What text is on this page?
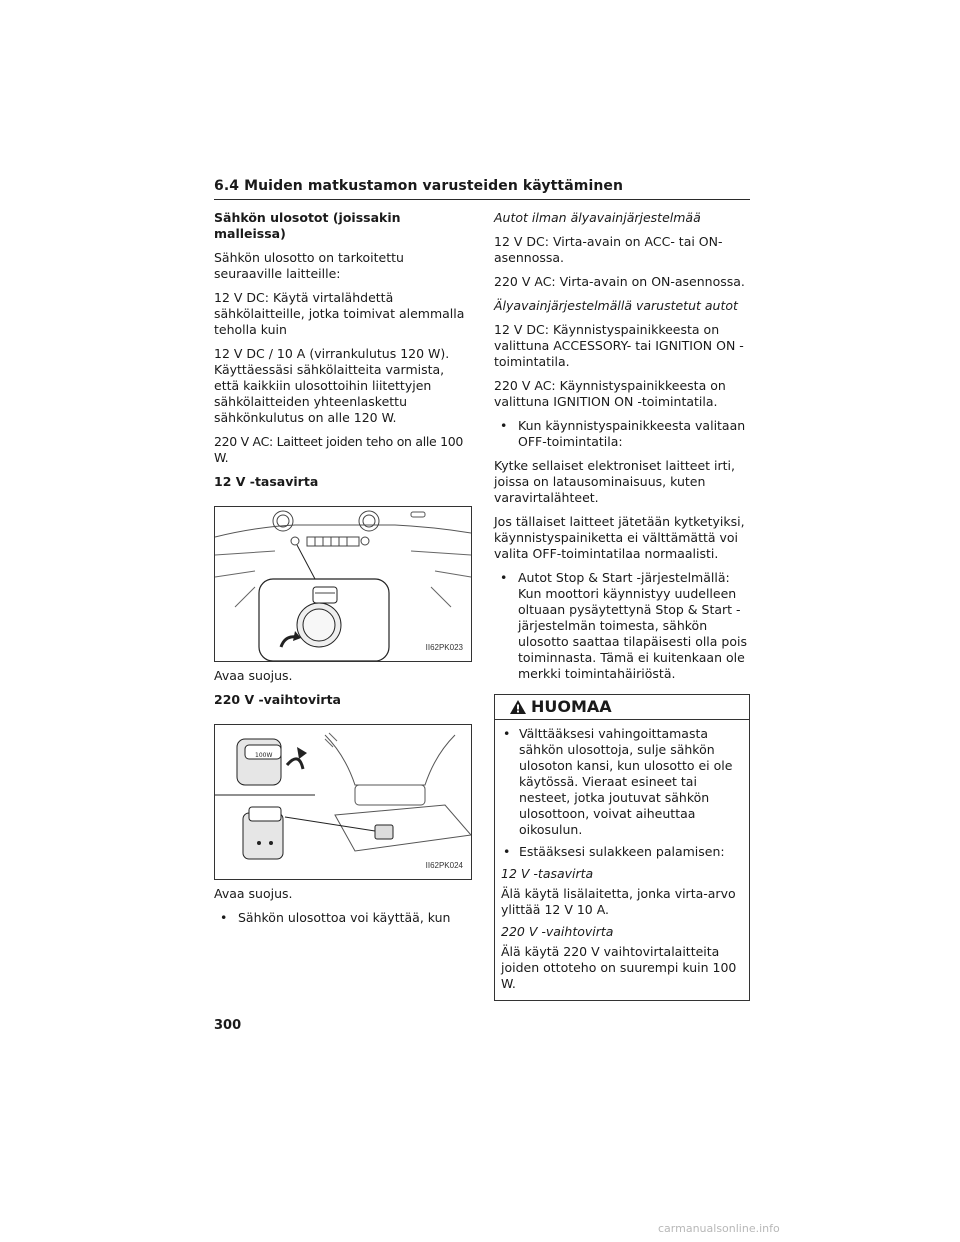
6.4 Muiden matkustamon varusteiden käyttäminen
Sähkön ulosotot (joissakin malleissa)

Sähkön ulosotto on tarkoitettu seuraaville laitteille:

12 V DC: Käytä virtalähdettä sähkölaitteille, jotka toimivat alemmalla teholla kuin

12 V DC / 10 A (virrankulutus 120 W). Käyttäessäsi sähkölaitteita varmista, että kaikkiin ulosottoihin liitettyjen sähkölaitteiden yhteenlaskettu sähkönkulutus on alle 120 W.

220 V AC: Laitteet joiden teho on alle 100 W.

12 V -tasavirta
II62PK023

Avaa suojus.

220 V -vaihtovirta
100W
II62PK024

Avaa suojus.

• Sähkön ulosottoa voi käyttää, kun
Autot ilman älyavainjärjestelmää

12 V DC: Virta-avain on ACC- tai ON-asennossa.

220 V AC: Virta-avain on ON-asennossa.

Älyavainjärjestelmällä varustetut autot

12 V DC: Käynnistyspainikkeesta on valittuna ACCESSORY- tai IGNITION ON -toimintatila.

220 V AC: Käynnistyspainikkeesta on valittuna IGNITION ON -toimintatila.

• Kun käynnistyspainikkeesta valitaan OFF-toimintatila:

Kytke sellaiset elektroniset laitteet irti, joissa on latausominaisuus, kuten varavirtalähteet.

Jos tällaiset laitteet jätetään kytketyiksi, käynnistyspainiketta ei välttämättä voi valita OFF-toimintatilaa normaalisti.

• Autot Stop & Start -järjestelmällä: Kun moottori käynnistyy uudelleen oltuaan pysäytettynä Stop & Start -järjestelmän toimesta, sähkön ulosotto saattaa tilapäisesti olla pois toiminnasta. Tämä ei kuitenkaan ole merkki toimintahäiriöstä.
HUOMAA
• Välttääksesi vahingoittamasta sähkön ulosottoja, sulje sähkön ulosoton kansi, kun ulosotto ei ole käytössä. Vieraat esineet tai nesteet, jotka joutuvat sähkön ulosottoon, voivat aiheuttaa oikosulun.
• Estääksesi sulakkeen palamisen:
12 V -tasavirta

Älä käytä lisälaitetta, jonka virta-arvo ylittää 12 V 10 A.

220 V -vaihtovirta

Älä käytä 220 V vaihtovirtalaitteita joiden ottoteho on suurempi kuin 100 W.

300
carmanualsonline.info
